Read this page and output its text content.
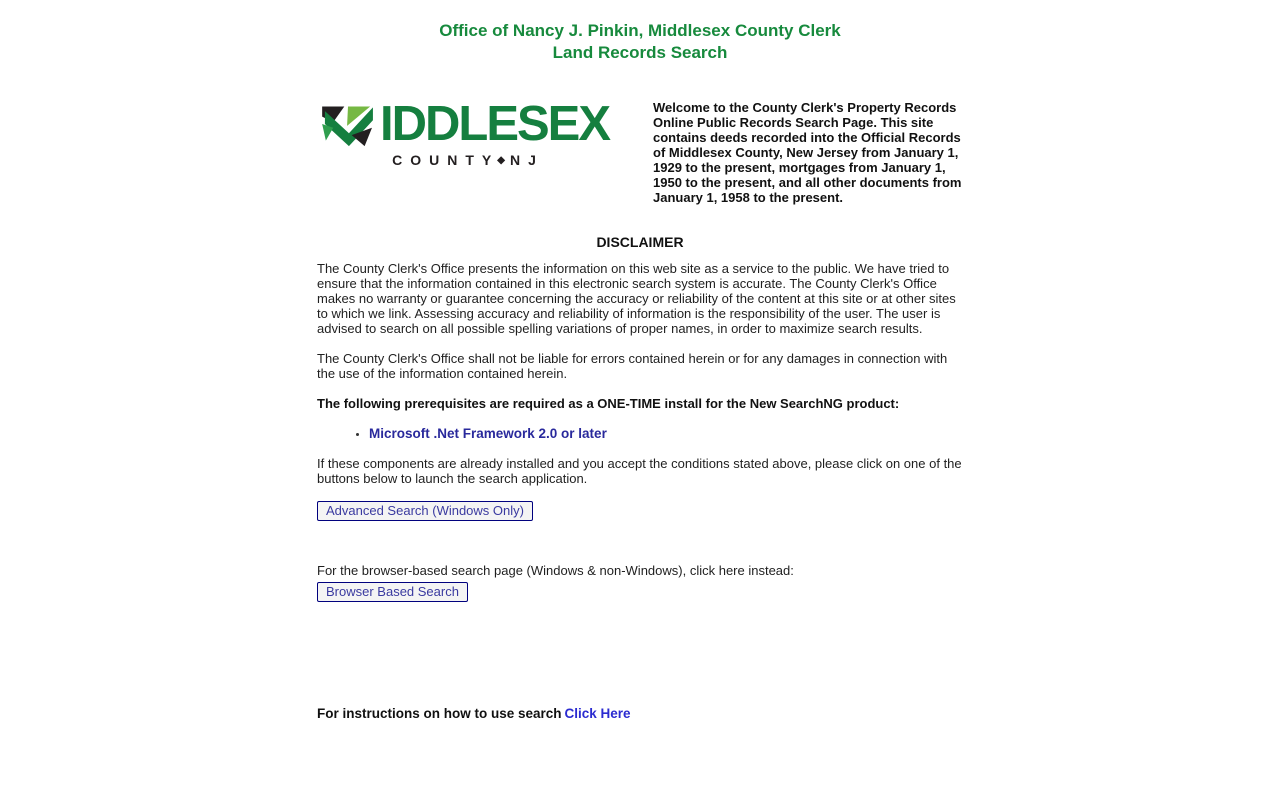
Office of Nancy J. Pinkin, Middlesex County Clerk
Land Records Search
IDDLESEX
COUNTY◆ NJ

Welcome to the County Clerk's Property Records Online Public Records Search Page. This site contains deeds recorded into the Official Records of Middlesex County, New Jersey from January 1, 1929 to the present, mortgages from January 1, 1950 to the present, and all other documents from January 1, 1958 to the present.

DISCLAIMER

The County Clerk's Office presents the information on this web site as a service to the public. We have tried to ensure that the information contained in this electronic search system is accurate. The County Clerk's Office makes no warranty or guarantee concerning the accuracy or reliability of the content at this site or at other sites to which we link. Assessing accuracy and reliability of information is the responsibility of the user. The user is advised to search on all possible spelling variations of proper names, in order to maximize search results.

The County Clerk's Office shall not be liable for errors contained herein or for any damages in connection with the use of the information contained herein.

The following prerequisites are required as a ONE-TIME install for the New SearchNG product:

• Microsoft .Net Framework 2.0 or later

If these components are already installed and you accept the conditions stated above, please click on one of the buttons below to launch the search application.

Advanced Search (Windows Only)

For the browser-based search page (Windows & non-Windows), click here instead:

Browser Based Search

For instructions on how to use search Click Here
